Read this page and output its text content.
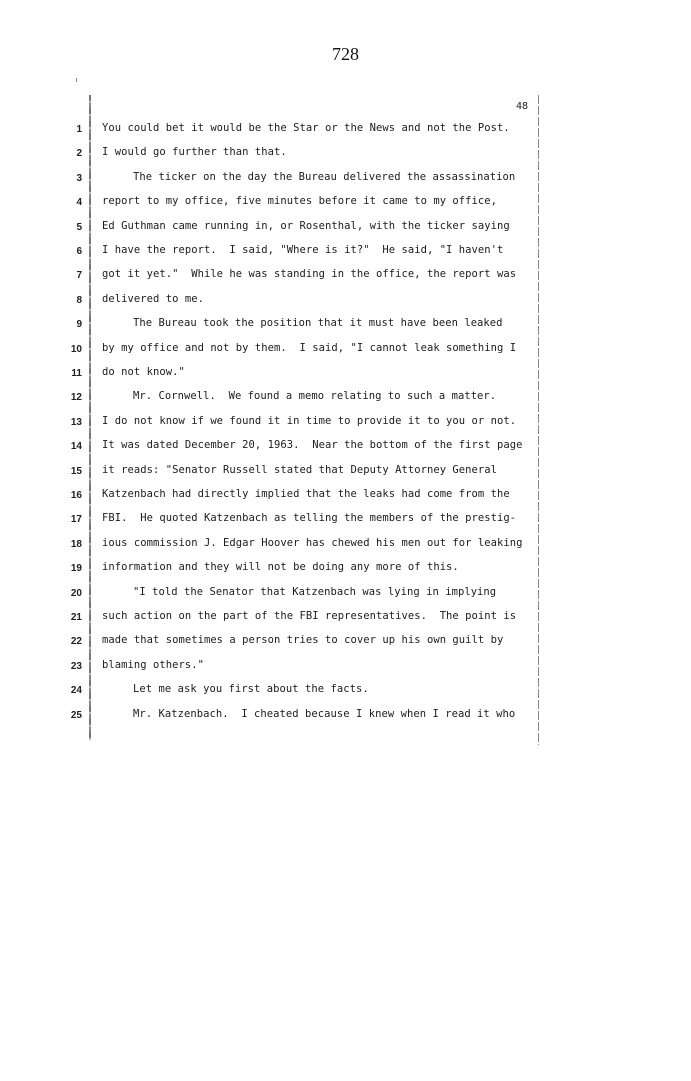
728
48
1 You could bet it would be the Star or the News and not the Post.
2 I would go further than that.
3	The ticker on the day the Bureau delivered the assassination
4 report to my office, five minutes before it came to my office,
5 Ed Guthman came running in, or Rosenthal, with the ticker saying
6 I have the report.  I said, "Where is it?"  He said, "I haven't
7 got it yet."  While he was standing in the office, the report was
8 delivered to me.
9	The Bureau took the position that it must have been leaked
10 by my office and not by them.  I said, "I cannot leak something I
11 do not know."
12	Mr. Cornwell.  We found a memo relating to such a matter.
13 I do not know if we found it in time to provide it to you or not.
14 It was dated December 20, 1963.  Near the bottom of the first page
15 it reads: "Senator Russell stated that Deputy Attorney General
16 Katzenbach had directly implied that the leaks had come from the
17 FBI.  He quoted Katzenbach as telling the members of the prestig-
18 ious commission J. Edgar Hoover has chewed his men out for leaking
19 information and they will not be doing any more of this.
20	"I told the Senator that Katzenbach was lying in implying
21 such action on the part of the FBI representatives.  The point is
22 made that sometimes a person tries to cover up his own guilt by
23 blaming others."
24	Let me ask you first about the facts.
25	Mr. Katzenbach.  I cheated because I knew when I read it who
